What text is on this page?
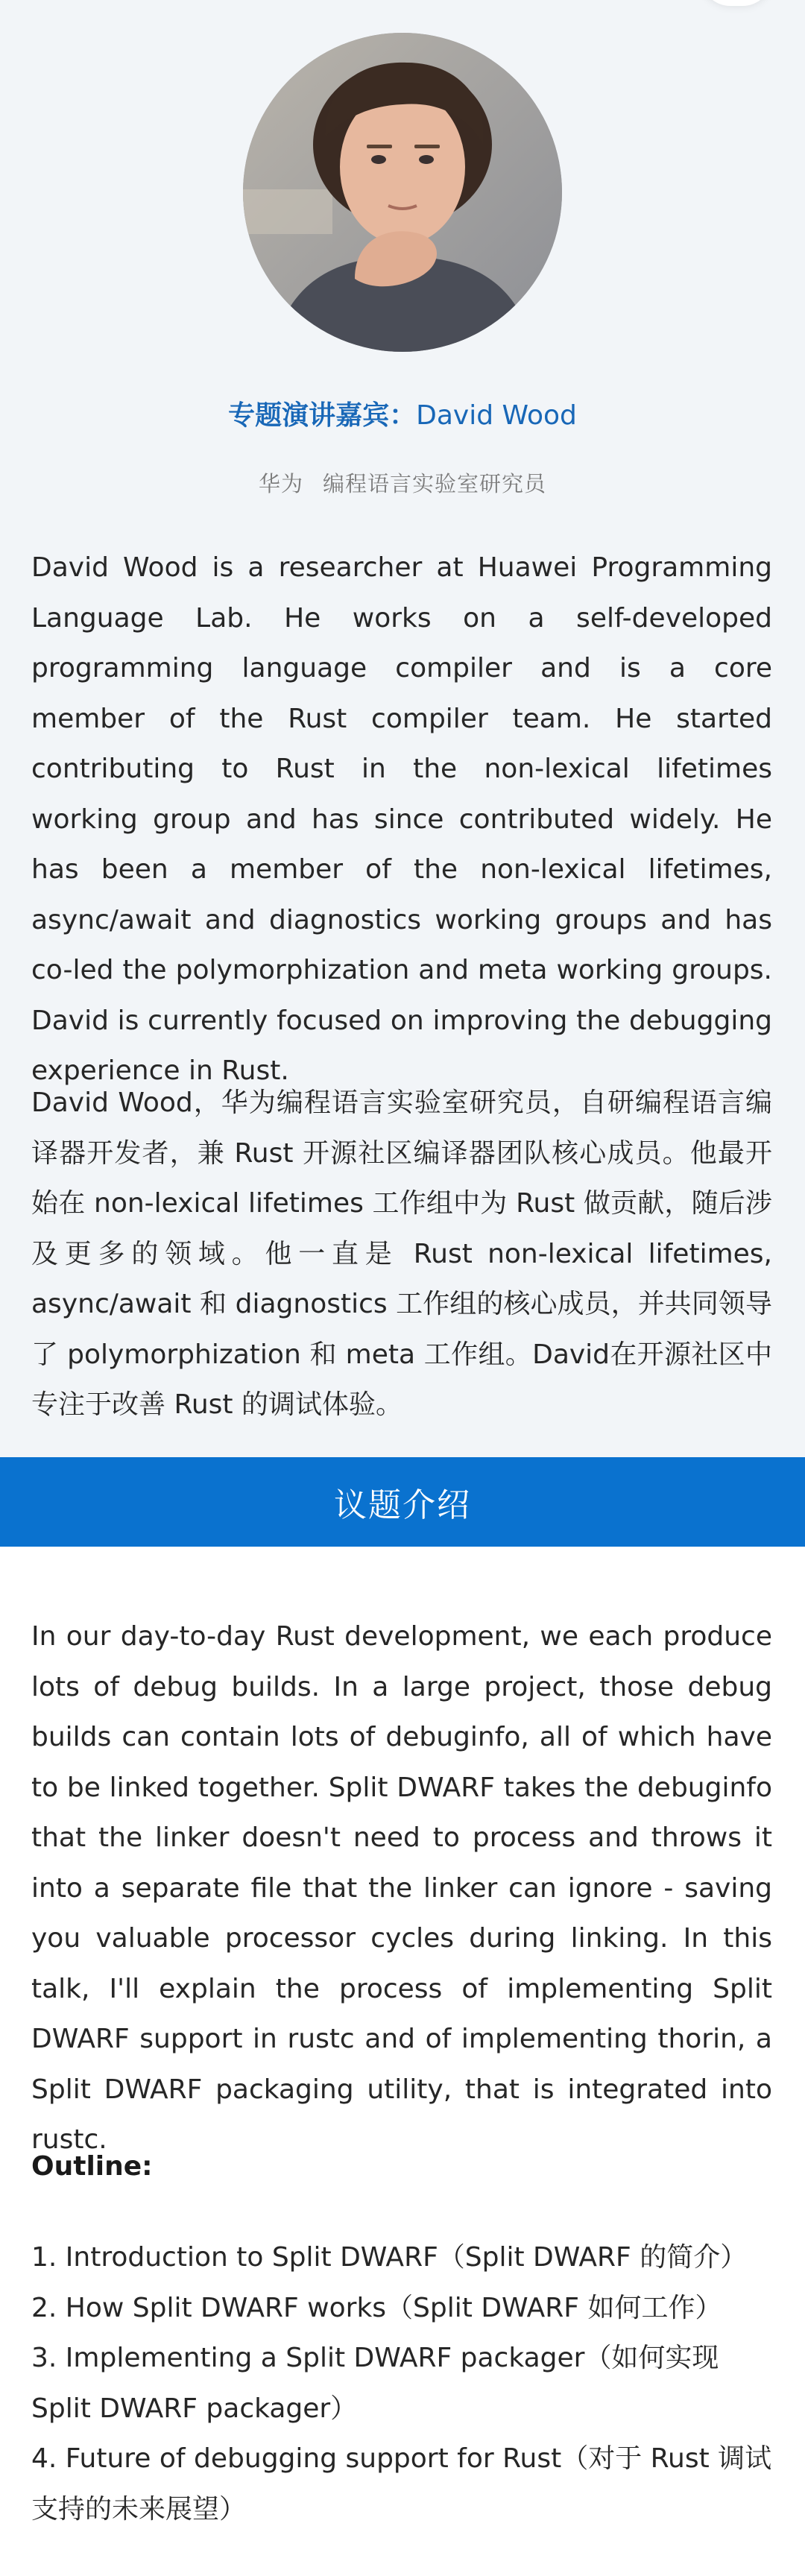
专题演讲嘉宾：David Wood
华为 编程语言实验室研究员

David Wood is a researcher at Huawei Programming Language Lab. He works on a self-developed programming language compiler and is a core member of the Rust compiler team. He started contributing to Rust in the non-lexical lifetimes working group and has since contributed widely. He has been a member of the non-lexical lifetimes, async/await and diagnostics working groups and has co-led the polymorphization and meta working groups. David is currently focused on improving the debugging experience in Rust.

David Wood，华为编程语言实验室研究员，自研编程语言编译器开发者，兼 Rust 开源社区编译器团队核心成员。他最开始在 non-lexical lifetimes 工作组中为 Rust 做贡献，随后涉及更多的领域。他一直是 Rust non-lexical lifetimes, async/await 和 diagnostics 工作组的核心成员，并共同领导了 polymorphization 和 meta 工作组。David在开源社区中专注于改善 Rust 的调试体验。

议题介绍

In our day-to-day Rust development, we each produce lots of debug builds. In a large project, those debug builds can contain lots of debuginfo, all of which have to be linked together. Split DWARF takes the debuginfo that the linker doesn't need to process and throws it into a separate file that the linker can ignore - saving you valuable processor cycles during linking. In this talk, I'll explain the process of implementing Split DWARF support in rustc and of implementing thorin, a Split DWARF packaging utility, that is integrated into rustc.

Outline:
1. Introduction to Split DWARF（Split DWARF 的简介）
2. How Split DWARF works（Split DWARF 如何工作）
3. Implementing a Split DWARF packager（如何实现 Split DWARF packager）
4. Future of debugging support for Rust（对于 Rust 调试支持的未来展望）
